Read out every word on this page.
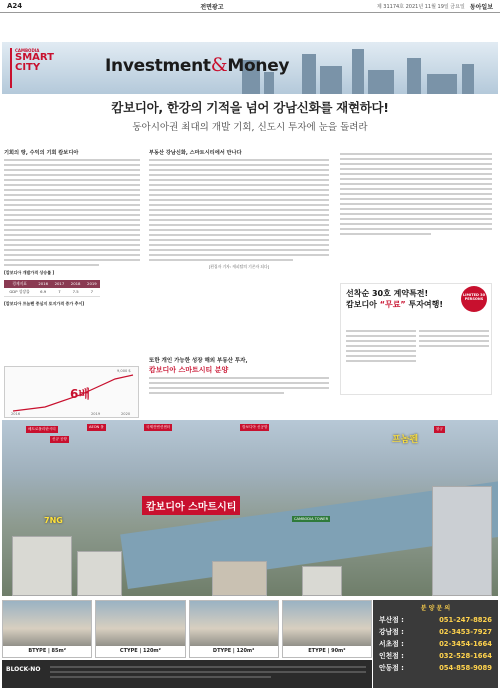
A24	전면광고	제 31174호 2021년 11월 19일 금요일 동아일보
CAMBODIA
SMART
CITY	Investment&Money
캄보디아, 한강의 기적을 넘어 강남신화를 재현하다!
동아시아권 최대의 개발 기회, 신도시 투자에 눈을 돌려라
기회의 땅, 수익의 기회 캄보디아
[캄보디아 개발가격 상승률 ]
경제지표	2016	2017	2018	2019
GDP 성장률	6.9	7	7.5	7
[캄보디아 프놈펜 중심지 토지가격 증가 추이]
9,000 $
6배
2016	2019	2020
부동산 강남신화, 스마트시티에서 만나다
[편집자 기자: 캐피탈의 기존자 되다]
또한 개인 가능한 성장 해외 부동산 투자,
캄보디아 스마트시티 분양
선착순 30호 계약특전!
캄보디아 “무료” 투자여행!
LIMITED 30 PERSONS
메트로폴리탄시티
신규 공항
AEON 몰	국제컨벤션센터	캄보디아 신공항
CAMBODIA TOWER
왕궁
프놈펜
7NG
캄보디아 스마트시티
BTYPE | 85m²	CTYPE | 120m²	DTYPE | 120m²	ETYPE | 90m²
분 양 문 의
부산점 :	051-247-8826
강남점 :	02-3453-7927
서초점 :	02-3454-1664
인천점 :	032-528-1664
안동점 :	054-858-9089
BLOCK-NO
